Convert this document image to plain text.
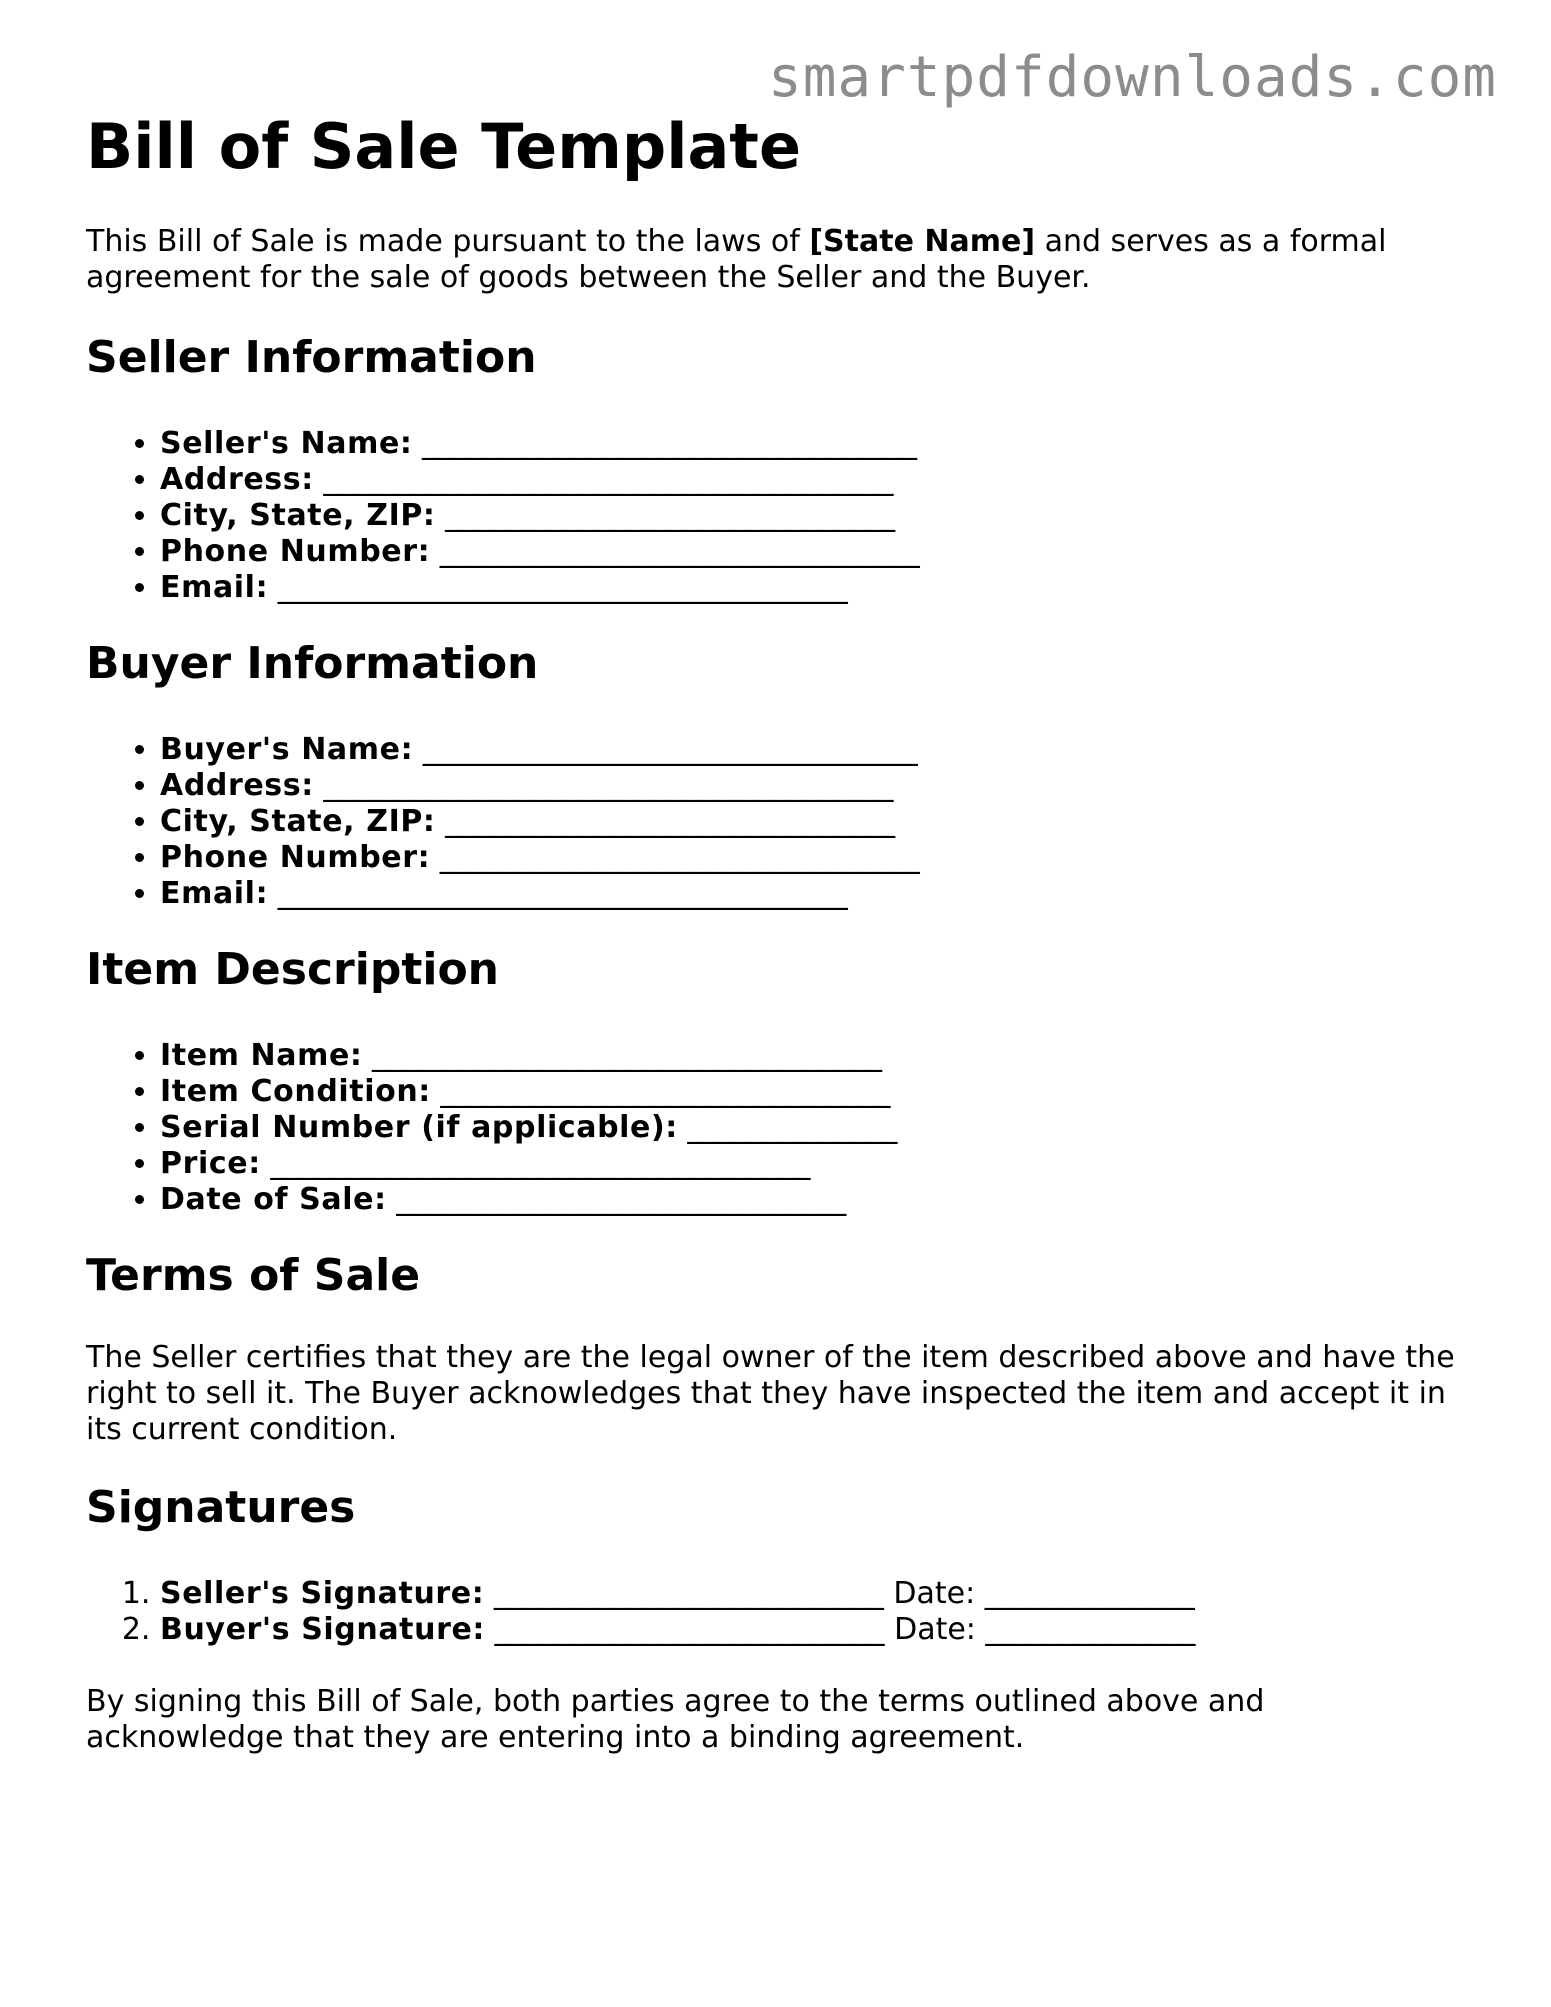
smartpdfdownloads.com
Bill of Sale Template

This Bill of Sale is made pursuant to the laws of [State Name] and serves as a formal agreement for the sale of goods between the Seller and the Buyer.

Seller Information
• Seller's Name: _________________________________
• Address: ______________________________________
• City, State, ZIP: ______________________________
• Phone Number: ________________________________
• Email: ______________________________________
Buyer Information
• Buyer's Name: _________________________________
• Address: ______________________________________
• City, State, ZIP: ______________________________
• Phone Number: ________________________________
• Email: ______________________________________
Item Description
• Item Name: __________________________________
• Item Condition: ______________________________
• Serial Number (if applicable): ______________
• Price: ____________________________________
• Date of Sale: ______________________________
Terms of Sale

The Seller certifies that they are the legal owner of the item described above and have the right to sell it. The Buyer acknowledges that they have inspected the item and accept it in its current condition.

Signatures
1. Seller's Signature: __________________________ Date: ______________
2. Buyer's Signature: __________________________ Date: ______________

By signing this Bill of Sale, both parties agree to the terms outlined above and acknowledge that they are entering into a binding agreement.
